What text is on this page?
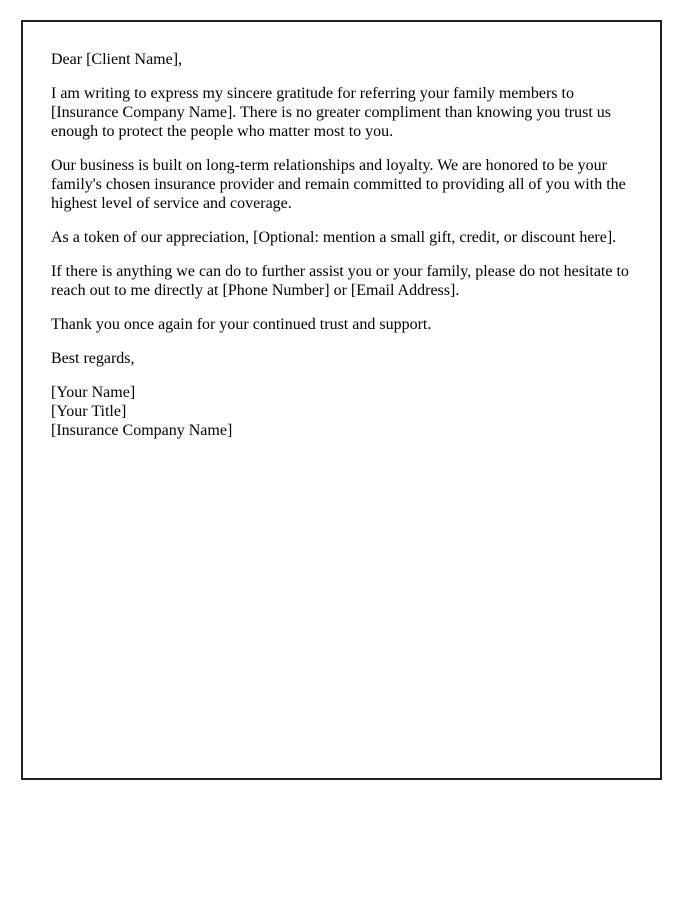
Dear [Client Name],

I am writing to express my sincere gratitude for referring your family members to [Insurance Company Name]. There is no greater compliment than knowing you trust us enough to protect the people who matter most to you.

Our business is built on long-term relationships and loyalty. We are honored to be your family's chosen insurance provider and remain committed to providing all of you with the highest level of service and coverage.

As a token of our appreciation, [Optional: mention a small gift, credit, or discount here].

If there is anything we can do to further assist you or your family, please do not hesitate to reach out to me directly at [Phone Number] or [Email Address].

Thank you once again for your continued trust and support.

Best regards,

[Your Name]
[Your Title]
[Insurance Company Name]
